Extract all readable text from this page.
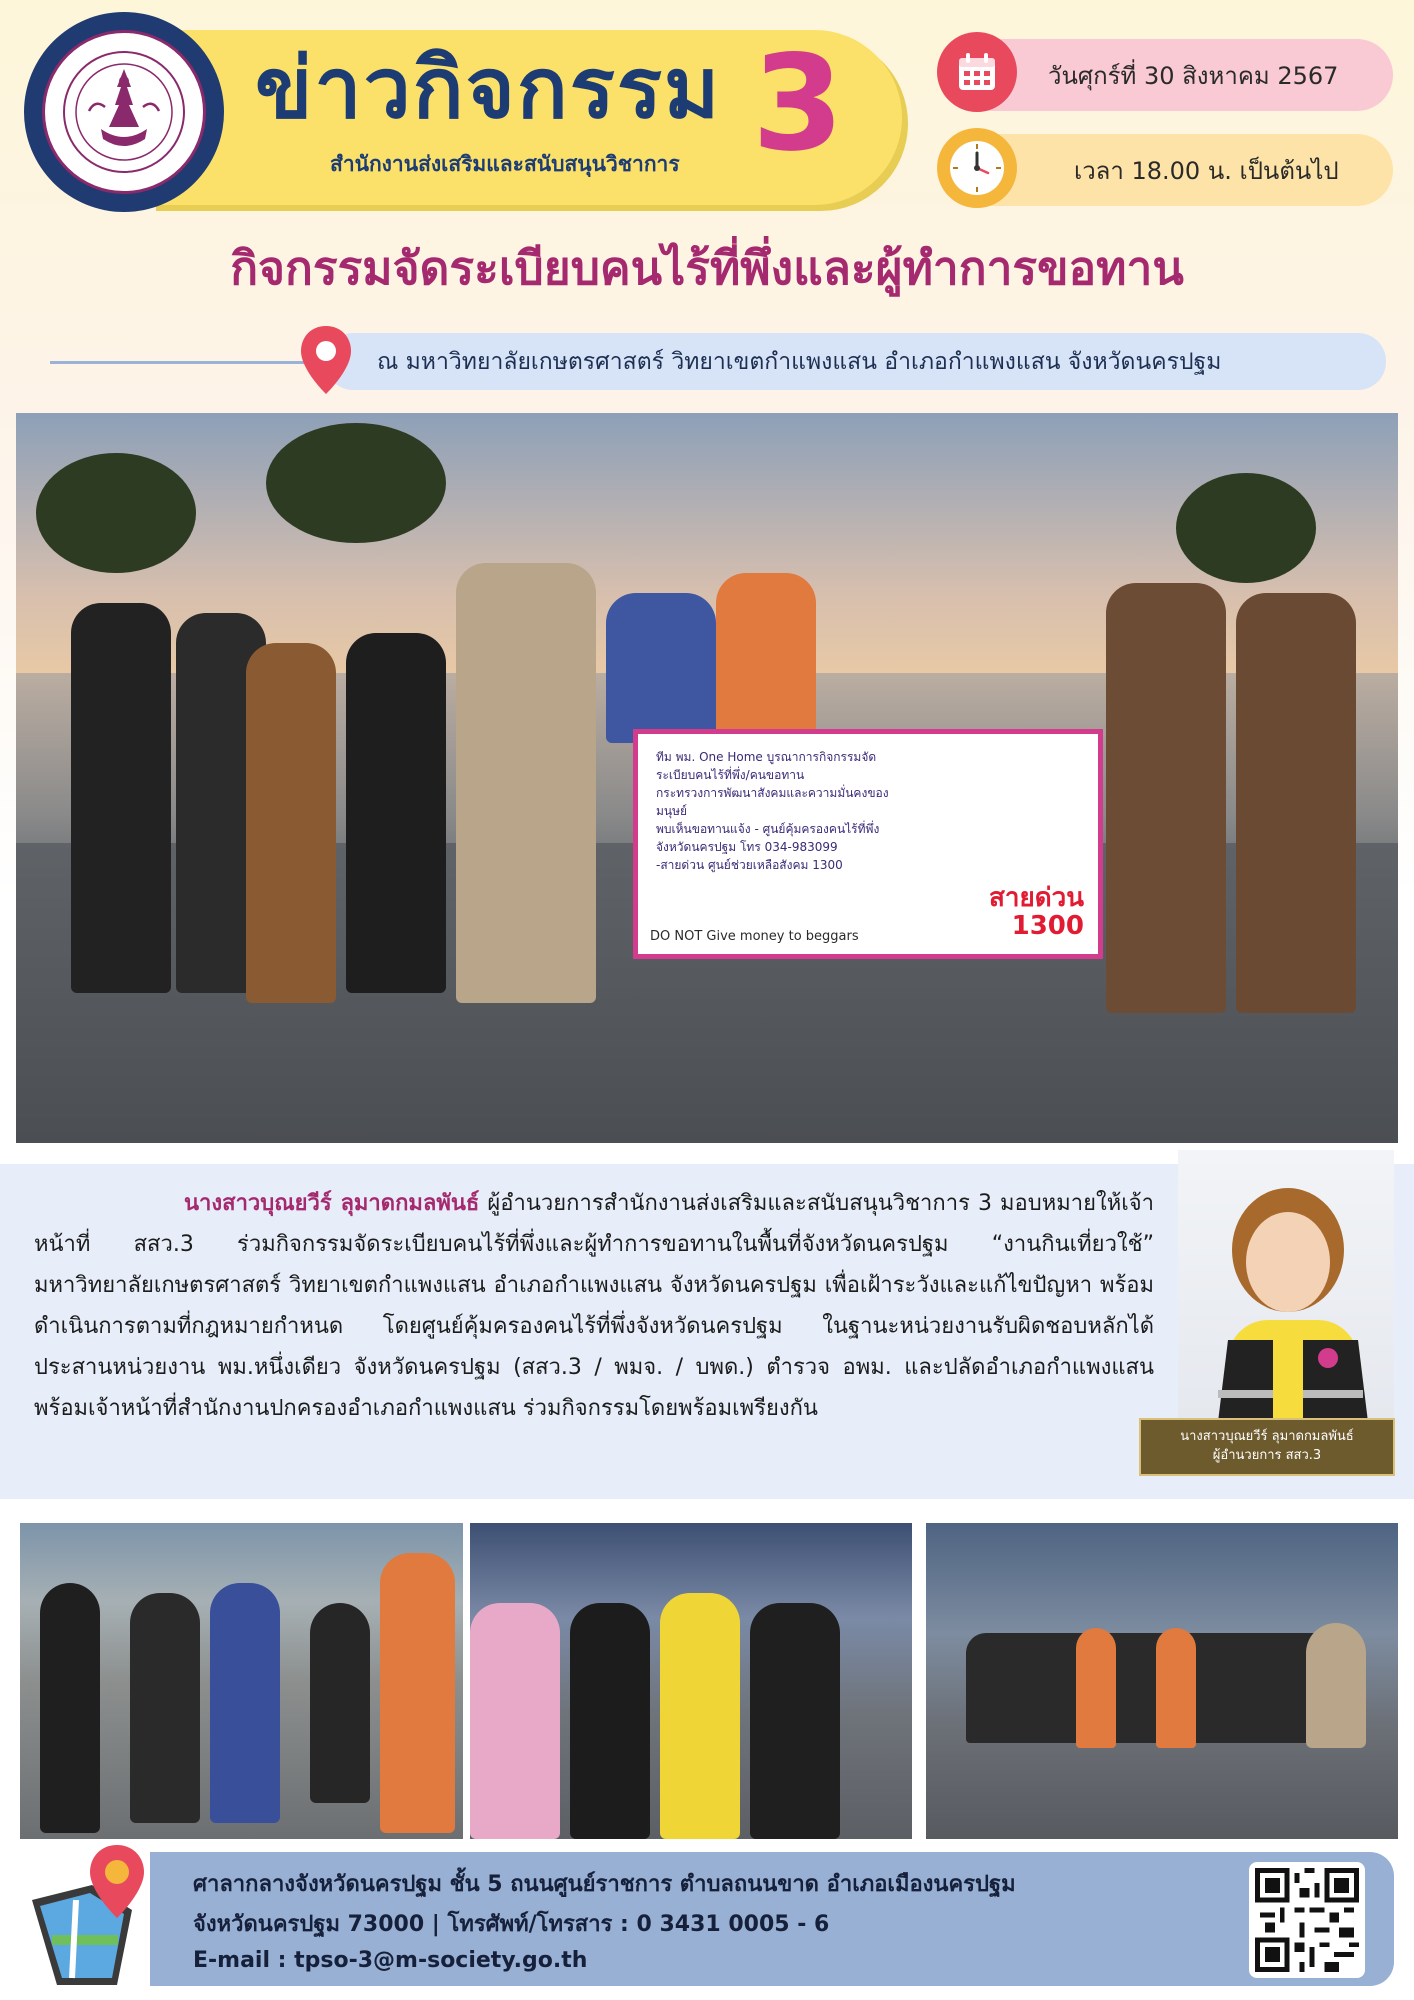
ข่าวกิจกรรม 3
สำนักงานส่งเสริมและสนับสนุนวิชาการ
วันศุกร์ที่ 30 สิงหาคม 2567
เวลา 18.00 น. เป็นต้นไป
กิจกรรมจัดระเบียบคนไร้ที่พึ่งและผู้ทำการขอทาน
ณ มหาวิทยาลัยเกษตรศาสตร์ วิทยาเขตกำแพงแสน อำเภอกำแพงแสน จังหวัดนครปฐม
ทีม พม. One Home บูรณาการกิจกรรมจัดระเบียบคนไร้ที่พึ่ง/คนขอทาน
กระทรวงการพัฒนาสังคมและความมั่นคงของมนุษย์
พบเห็นขอทานแจ้ง - ศูนย์คุ้มครองคนไร้ที่พึ่งจังหวัดนครปฐม โทร 034-983099
-สายด่วน ศูนย์ช่วยเหลือสังคม 1300
สายด่วน
1300
DO NOT Give money to beggars
นางสาวบุณยวีร์ ลุมาดกมลพันธ์ ผู้อำนวยการสำนักงานส่งเสริมและสนับสนุนวิชาการ 3 มอบหมายให้เจ้าหน้าที่ สสว.3 ร่วมกิจกรรมจัดระเบียบคนไร้ที่พึ่งและผู้ทำการขอทานในพื้นที่จังหวัดนครปฐม “งานกินเที่ยวใช้” มหาวิทยาลัยเกษตรศาสตร์ วิทยาเขตกำแพงแสน อำเภอกำแพงแสน จังหวัดนครปฐม เพื่อเฝ้าระวังและแก้ไขปัญหา พร้อมดำเนินการตามที่กฎหมายกำหนด โดยศูนย์คุ้มครองคนไร้ที่พึ่งจังหวัดนครปฐม ในฐานะหน่วยงานรับผิดชอบหลักได้ประสานหน่วยงาน พม.หนึ่งเดียว จังหวัดนครปฐม (สสว.3 / พมจ. / บพด.) ตำรวจ อพม. และปลัดอำเภอกำแพงแสน พร้อมเจ้าหน้าที่สำนักงานปกครองอำเภอกำแพงแสน ร่วมกิจกรรมโดยพร้อมเพรียงกัน
นางสาวบุณยวีร์ ลุมาดกมลพันธ์
ผู้อำนวยการ สสว.3
ศาลากลางจังหวัดนครปฐม ชั้น 5 ถนนศูนย์ราชการ ตำบลถนนขาด อำเภอเมืองนครปฐม
จังหวัดนครปฐม 73000 | โทรศัพท์/โทรสาร : 0 3431 0005 - 6
E-mail : tpso-3@m-society.go.th
